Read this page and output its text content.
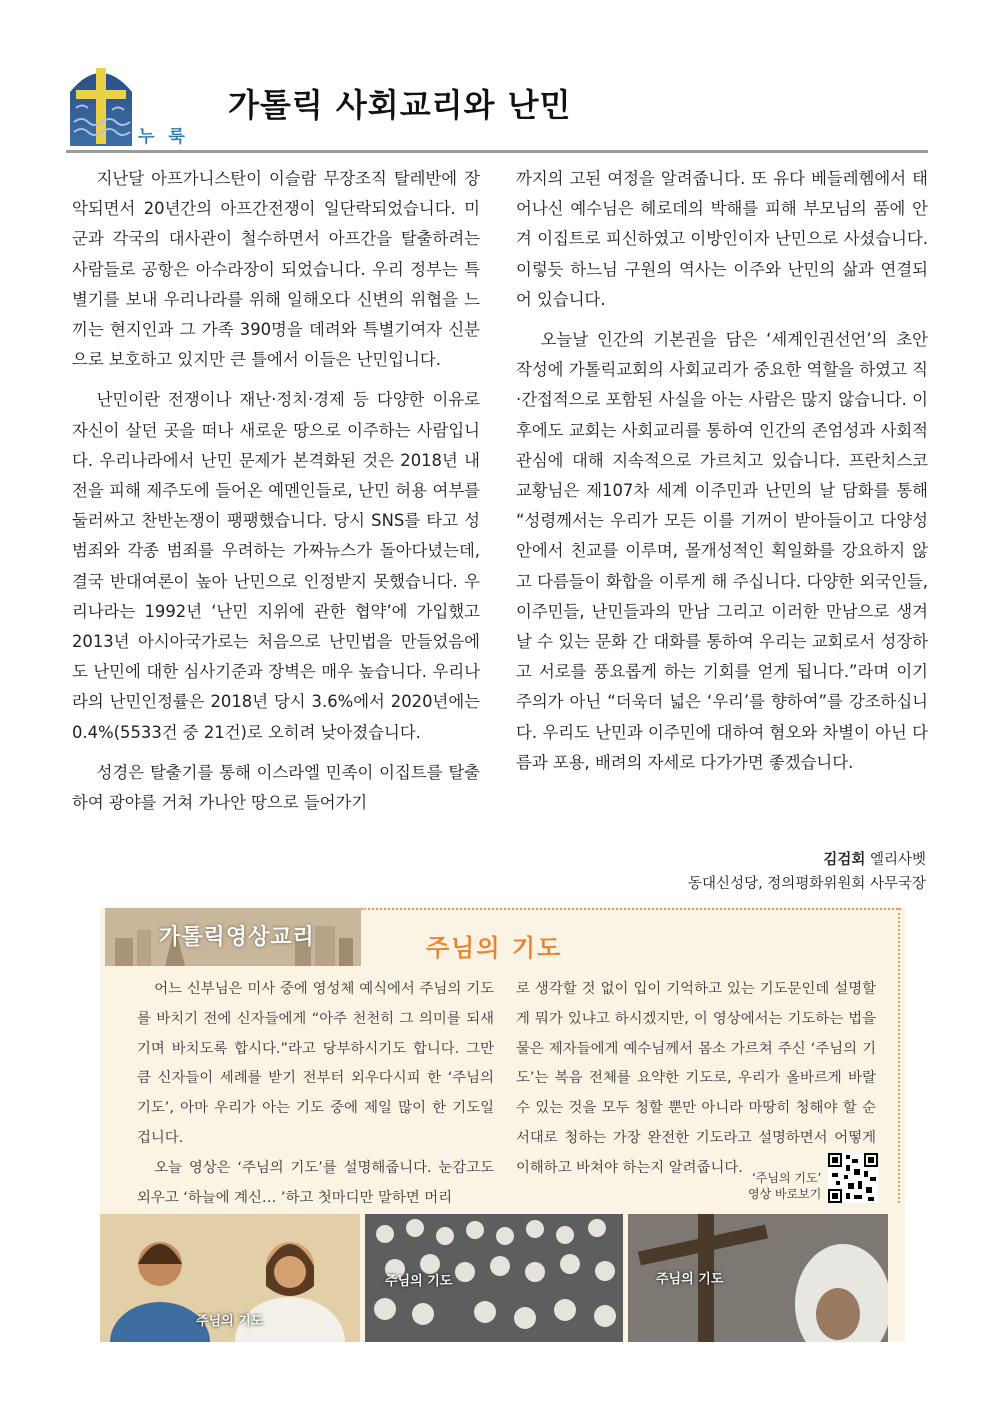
누 룩
가톨릭 사회교리와 난민

지난달 아프가니스탄이 이슬람 무장조직 탈레반에 장악되면서 20년간의 아프간전쟁이 일단락되었습니다. 미군과 각국의 대사관이 철수하면서 아프간을 탈출하려는 사람들로 공항은 아수라장이 되었습니다. 우리 정부는 특별기를 보내 우리나라를 위해 일해오다 신변의 위협을 느끼는 현지인과 그 가족 390명을 데려와 특별기여자 신분으로 보호하고 있지만 큰 틀에서 이들은 난민입니다.

난민이란 전쟁이나 재난·정치·경제 등 다양한 이유로 자신이 살던 곳을 떠나 새로운 땅으로 이주하는 사람입니다. 우리나라에서 난민 문제가 본격화된 것은 2018년 내전을 피해 제주도에 들어온 예멘인들로, 난민 허용 여부를 둘러싸고 찬반논쟁이 팽팽했습니다. 당시 SNS를 타고 성범죄와 각종 범죄를 우려하는 가짜뉴스가 돌아다녔는데, 결국 반대여론이 높아 난민으로 인정받지 못했습니다. 우리나라는 1992년 ‘난민 지위에 관한 협약’에 가입했고 2013년 아시아국가로는 처음으로 난민법을 만들었음에도 난민에 대한 심사기준과 장벽은 매우 높습니다. 우리나라의 난민인정률은 2018년 당시 3.6%에서 2020년에는 0.4%(5533건 중 21건)로 오히려 낮아졌습니다.

성경은 탈출기를 통해 이스라엘 민족이 이집트를 탈출하여 광야를 거쳐 가나안 땅으로 들어가기

까지의 고된 여정을 알려줍니다. 또 유다 베들레헴에서 태어나신 예수님은 헤로데의 박해를 피해 부모님의 품에 안겨 이집트로 피신하였고 이방인이자 난민으로 사셨습니다. 이렇듯 하느님 구원의 역사는 이주와 난민의 삶과 연결되어 있습니다.

오늘날 인간의 기본권을 담은 ‘세계인권선언’의 초안 작성에 가톨릭교회의 사회교리가 중요한 역할을 하였고 직·간접적으로 포함된 사실을 아는 사람은 많지 않습니다. 이후에도 교회는 사회교리를 통하여 인간의 존엄성과 사회적 관심에 대해 지속적으로 가르치고 있습니다. 프란치스코 교황님은 제107차 세계 이주민과 난민의 날 담화를 통해 “성령께서는 우리가 모든 이를 기꺼이 받아들이고 다양성 안에서 친교를 이루며, 몰개성적인 획일화를 강요하지 않고 다름들이 화합을 이루게 해 주십니다. 다양한 외국인들, 이주민들, 난민들과의 만남 그리고 이러한 만남으로 생겨날 수 있는 문화 간 대화를 통하여 우리는 교회로서 성장하고 서로를 풍요롭게 하는 기회를 얻게 됩니다.”라며 이기주의가 아닌 “더욱더 넓은 ‘우리’를 향하여”를 강조하십니다. 우리도 난민과 이주민에 대하여 혐오와 차별이 아닌 다름과 포용, 배려의 자세로 다가가면 좋겠습니다.

김검회 엘리사벳
동대신성당, 정의평화위원회 사무국장
가톨릭영상교리	주님의 기도

어느 신부님은 미사 중에 영성체 예식에서 주님의 기도를 바치기 전에 신자들에게 “아주 천천히 그 의미를 되새기며 바치도록 합시다.”라고 당부하시기도 합니다. 그만큼 신자들이 세례를 받기 전부터 외우다시피 한 ‘주님의 기도’, 아마 우리가 아는 기도 중에 제일 많이 한 기도일 겁니다.

오늘 영상은 ‘주님의 기도’를 설명해줍니다. 눈감고도 외우고 ‘하늘에 계신… ’하고 첫마디만 말하면 머리

로 생각할 것 없이 입이 기억하고 있는 기도문인데 설명할 게 뭐가 있냐고 하시겠지만, 이 영상에서는 기도하는 법을 물은 제자들에게 예수님께서 몸소 가르쳐 주신 ‘주님의 기도’는 복음 전체를 요약한 기도로, 우리가 올바르게 바랄 수 있는 것을 모두 청할 뿐만 아니라 마땅히 청해야 할 순서대로 청하는 가장 완전한 기도라고 설명하면서 어떻게 이해하고 바쳐야 하는지 알려줍니다.

‘주님의 기도’
영상 바로보기
주님의 기도
주님의 기도	주님의 기도
